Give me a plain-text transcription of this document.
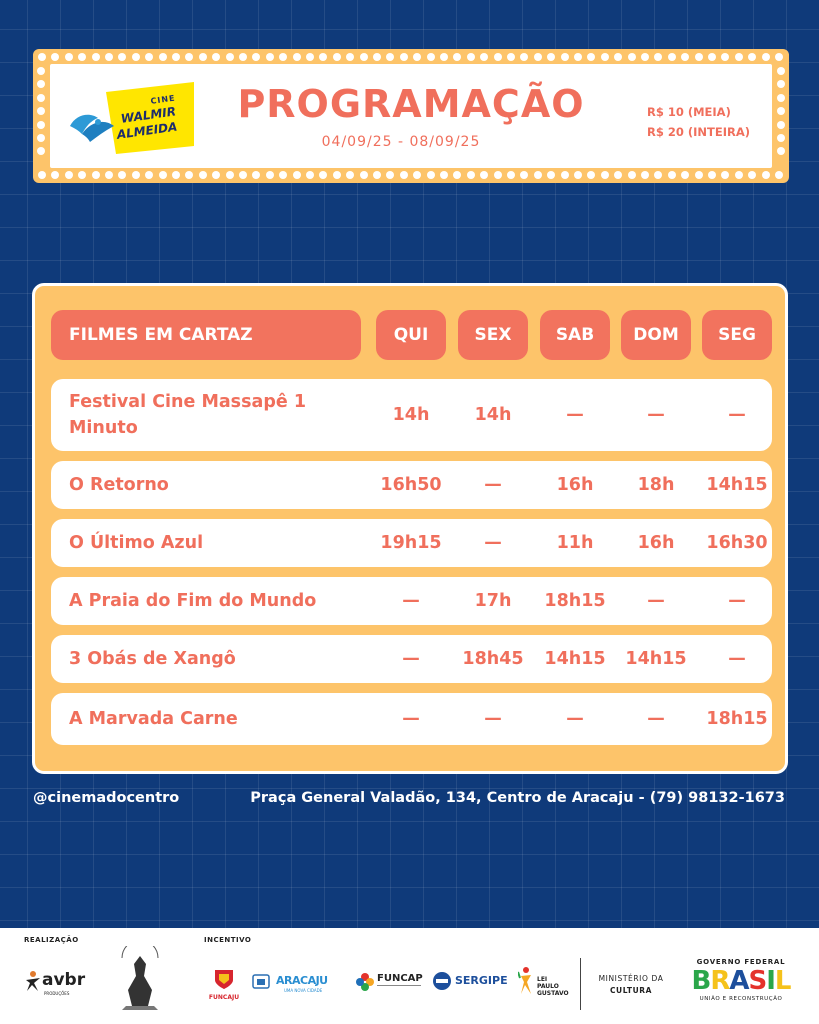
CINE
WALMIR
ALMEIDA
PROGRAMAÇÃO
04/09/25 - 08/09/25
R$ 10 (MEIA)
R$ 20 (INTEIRA)
FILMES EM CARTAZ	QUI	SEX	SAB	DOM	SEG
Festival Cine Massapê 1 Minuto
14h	14h	—	—	—
O Retorno	16h50 —	16h	18h 14h15
O Último Azul	19h15 —	11h	16h 16h30
A Praia do Fim do Mundo	—	17h 18h15 —	—
3 Obás de Xangô	— 18h45 14h15 14h15 —
A Marvada Carne	—	—	—	— 18h15
@cinemadocentro	Praça General Valadão, 134, Centro de Aracaju - (79) 98132-1673
REALIZAÇÃO	INCENTIVO
avbr
PRODUÇÕES
FUNCAJU
ARACAJU
UMA NOVA CIDADE
FUNCAP	SERGIPE	LEI
PAULO GUSTAVO
MINISTÉRIO DA
CULTURA
GOVERNO FEDERAL
BRASIL
UNIÃO E RECONSTRUÇÃO
